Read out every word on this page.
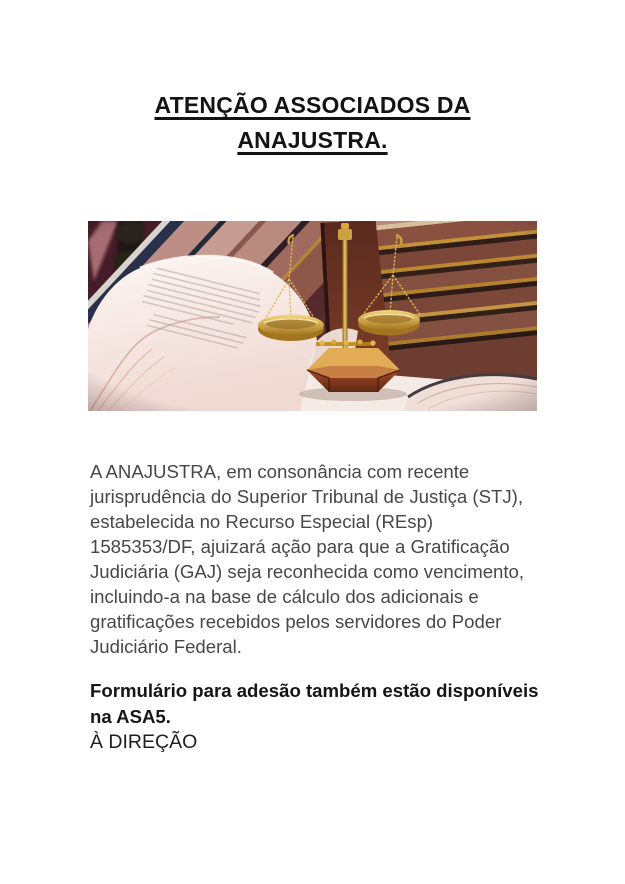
ATENÇÃO ASSOCIADOS DA
ANAJUSTRA.
A ANAJUSTRA, em consonância com recente
jurisprudência do Superior Tribunal de Justiça (STJ),
estabelecida no Recurso Especial (REsp)
1585353/DF, ajuizará ação para que a Gratificação
Judiciária (GAJ) seja reconhecida como vencimento,
incluindo-a na base de cálculo dos adicionais e
gratificações recebidos pelos servidores do Poder
Judiciário Federal.
Formulário para adesão também estão disponíveis
na ASA5.
À DIREÇÃO
